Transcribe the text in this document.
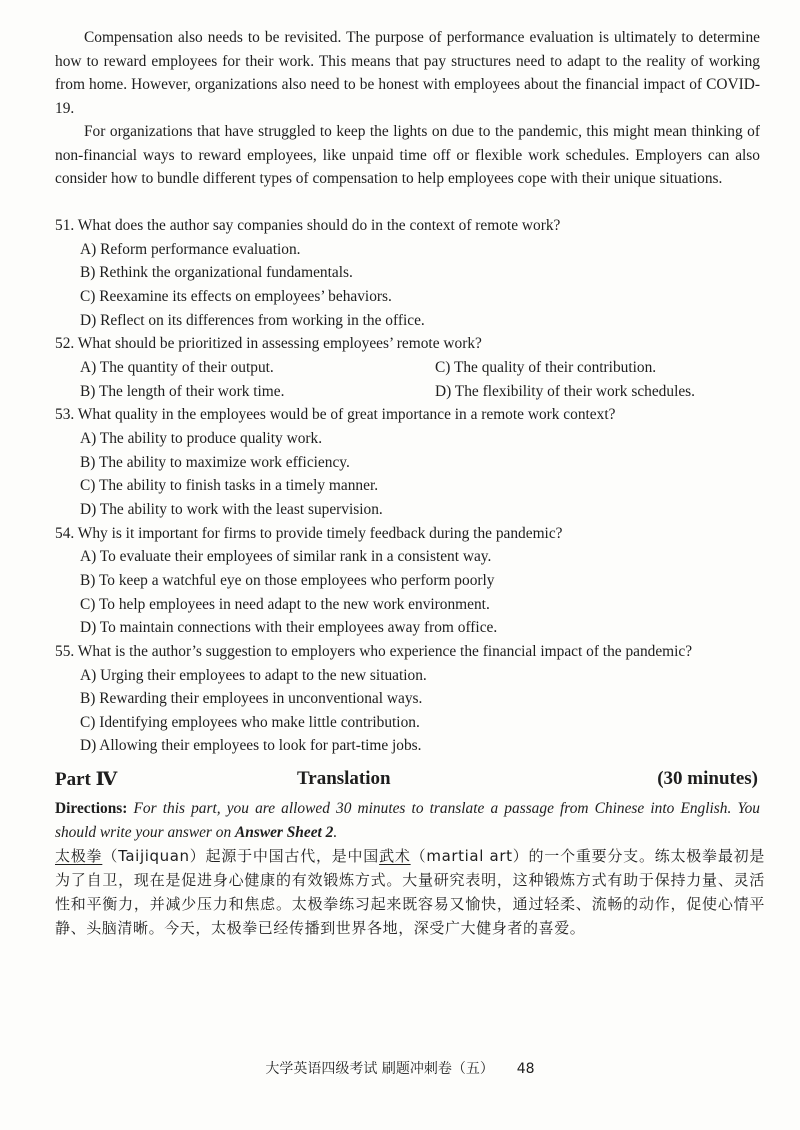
Compensation also needs to be revisited. The purpose of performance evaluation is ultimately to determine how to reward employees for their work. This means that pay structures need to adapt to the reality of working from home. However, organizations also need to be honest with employees about the financial impact of COVID-19.

For organizations that have struggled to keep the lights on due to the pandemic, this might mean thinking of non-financial ways to reward employees, like unpaid time off or flexible work schedules. Employers can also consider how to bundle different types of compensation to help employees cope with their unique situations.

51. What does the author say companies should do in the context of remote work?

A) Reform performance evaluation.

B) Rethink the organizational fundamentals.

C) Reexamine its effects on employees’ behaviors.

D) Reflect on its differences from working in the office.

52. What should be prioritized in assessing employees’ remote work?

A) The quantity of their output.	C) The quality of their contribution.

B) The length of their work time.	D) The flexibility of their work schedules.

53. What quality in the employees would be of great importance in a remote work context?

A) The ability to produce quality work.

B) The ability to maximize work efficiency.

C) The ability to finish tasks in a timely manner.

D) The ability to work with the least supervision.

54. Why is it important for firms to provide timely feedback during the pandemic?

A) To evaluate their employees of similar rank in a consistent way.

B) To keep a watchful eye on those employees who perform poorly

C) To help employees in need adapt to the new work environment.

D) To maintain connections with their employees away from office.

55. What is the author’s suggestion to employers who experience the financial impact of the pandemic?

A) Urging their employees to adapt to the new situation.

B) Rewarding their employees in unconventional ways.

C) Identifying employees who make little contribution.

D) Allowing their employees to look for part-time jobs.

Part Ⅳ	Translation	(30 minutes)

Directions: For this part, you are allowed 30 minutes to translate a passage from Chinese into English. You should write your answer on Answer Sheet 2.

太极拳（Taijiquan）起源于中国古代，是中国武术（martial art）的一个重要分支。练太极拳最初是为了自卫，现在是促进身心健康的有效锻炼方式。大量研究表明，这种锻炼方式有助于保持力量、灵活性和平衡力，并减少压力和焦虑。太极拳练习起来既容易又愉快，通过轻柔、流畅的动作，促使心情平静、头脑清晰。今天，太极拳已经传播到世界各地，深受广大健身者的喜爱。

大学英语四级考试 刷题冲刺卷（五） 48
